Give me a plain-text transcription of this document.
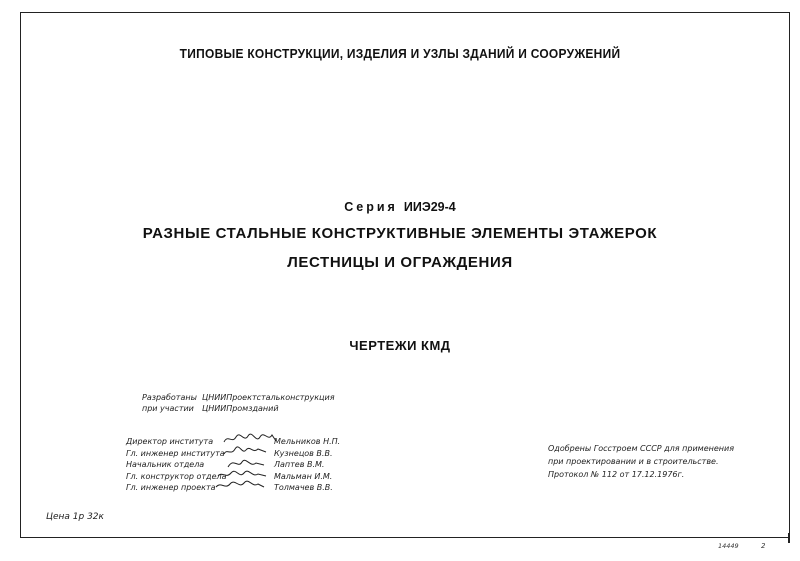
ТИПОВЫЕ КОНСТРУКЦИИ, ИЗДЕЛИЯ И УЗЛЫ ЗДАНИЙ И СООРУЖЕНИЙ
Серия ИИЭ29-4
РАЗНЫЕ СТАЛЬНЫЕ КОНСТРУКТИВНЫЕ ЭЛЕМЕНТЫ ЭТАЖЕРОК
ЛЕСТНИЦЫ И ОГРАЖДЕНИЯ
ЧЕРТЕЖИ КМД
Разработаны ЦНИИПроектстальконструкция
при участии ЦНИИПромзданий
Директор института	Мельников Н.П.
Гл. инженер института	Кузнецов В.В.
Начальник отдела	Лаптев В.М.
Гл. конструктор отдела	Мальман И.М.
Гл. инженер проекта	Толмачев В.В.
Одобрены Госстроем СССР для применения
при проектировании и в строительстве.
Протокол № 112 от 17.12.1976г.
Цена 1р 32к
14449	2
